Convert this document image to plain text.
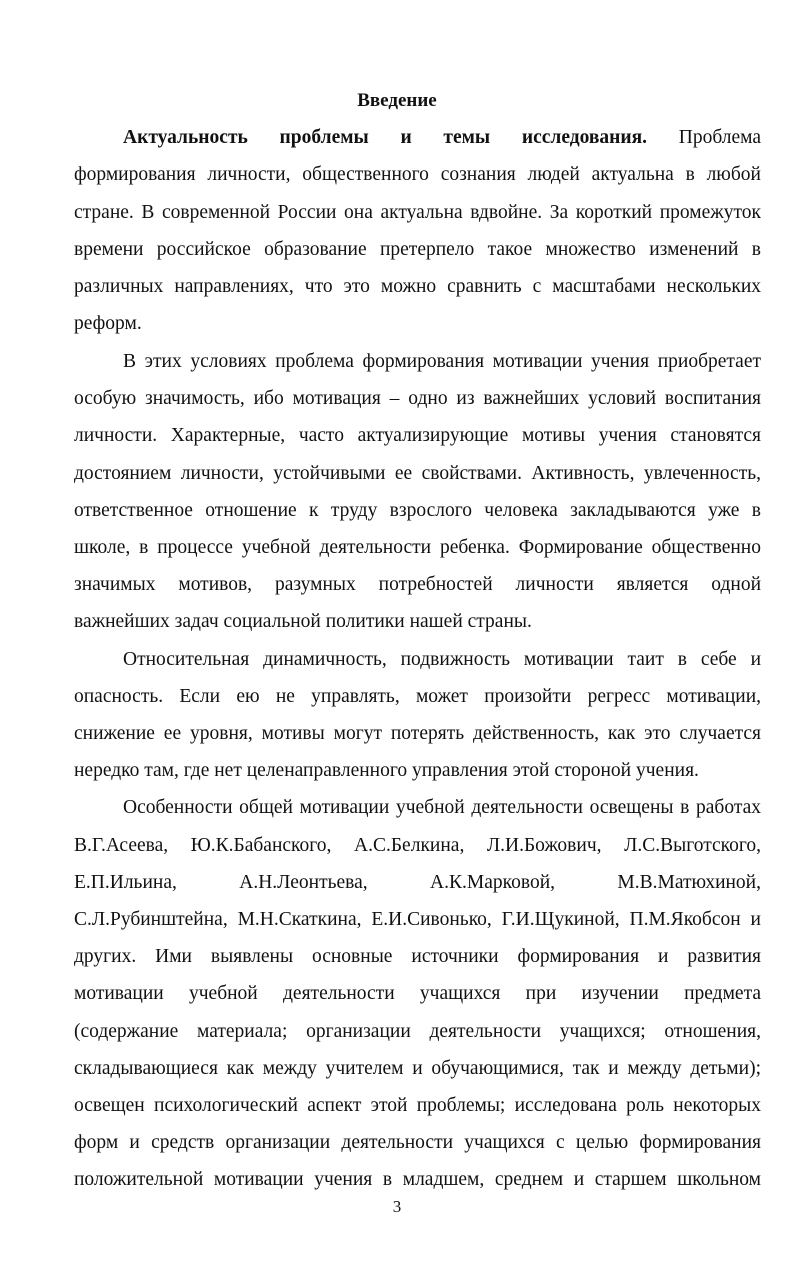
Введение

Актуальность проблемы и темы исследования. Проблема

формирования личности, общественного сознания людей актуальна в любой

стране. В современной России она актуальна вдвойне. За короткий промежуток

времени российское образование претерпело такое множество изменений в

различных направлениях, что это можно сравнить с масштабами нескольких

реформ.

В этих условиях проблема формирования мотивации учения приобретает

особую значимость, ибо мотивация – одно из важнейших условий воспитания

личности. Характерные, часто актуализирующие мотивы учения становятся

достоянием личности, устойчивыми ее свойствами. Активность, увлеченность,

ответственное отношение к труду взрослого человека закладываются уже в

школе, в процессе учебной деятельности ребенка. Формирование общественно

значимых мотивов, разумных потребностей личности является одной

важнейших задач социальной политики нашей страны.

Относительная динамичность, подвижность мотивации таит в себе и

опасность. Если ею не управлять, может произойти регресс мотивации,

снижение ее уровня, мотивы могут потерять действенность, как это случается

нередко там, где нет целенаправленного управления этой стороной учения.

Особенности общей мотивации учебной деятельности освещены в работах

В.Г.Асеева, Ю.К.Бабанского, А.С.Белкина, Л.И.Божович, Л.С.Выготского,

Е.П.Ильина, А.Н.Леонтьева, А.К.Марковой, М.В.Матюхиной,

С.Л.Рубинштейна, М.Н.Скаткина, Е.И.Сивонько, Г.И.Щукиной, П.М.Якобсон и

других. Ими выявлены основные источники формирования и развития

мотивации учебной деятельности учащихся при изучении предмета

(содержание материала; организации деятельности учащихся; отношения,

складывающиеся как между учителем и обучающимися, так и между детьми);

освещен психологический аспект этой проблемы; исследована роль некоторых

форм и средств организации деятельности учащихся с целью формирования

положительной мотивации учения в младшем, среднем и старшем школьном

3
